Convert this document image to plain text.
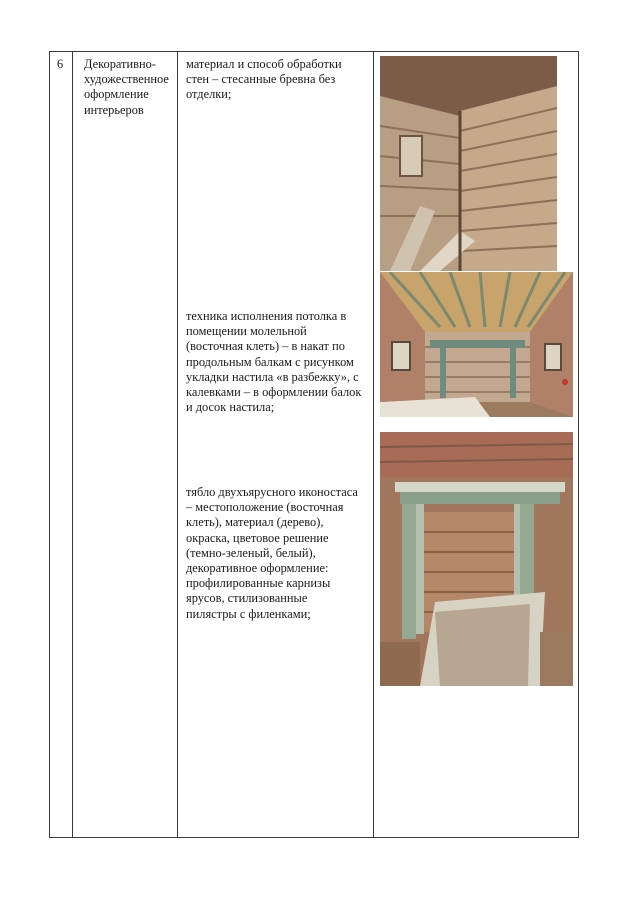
6 Декоративно-
художественное
оформление
интерьеров
материал и способ обработки
стен – стесанные бревна без
отделки;
техника исполнения потолка в
помещении молельной
(восточная клеть) – в накат по
продольным балкам с рисунком
укладки настила «в разбежку», с
калевками – в оформлении балок
и досок настила;
тябло двухъярусного иконостаса
– местоположение (восточная
клеть), материал (дерево),
окраска, цветовое решение
(темно-зеленый, белый),
декоративное оформление:
профилированные карнизы
ярусов, стилизованные
пилястры с филенками;
